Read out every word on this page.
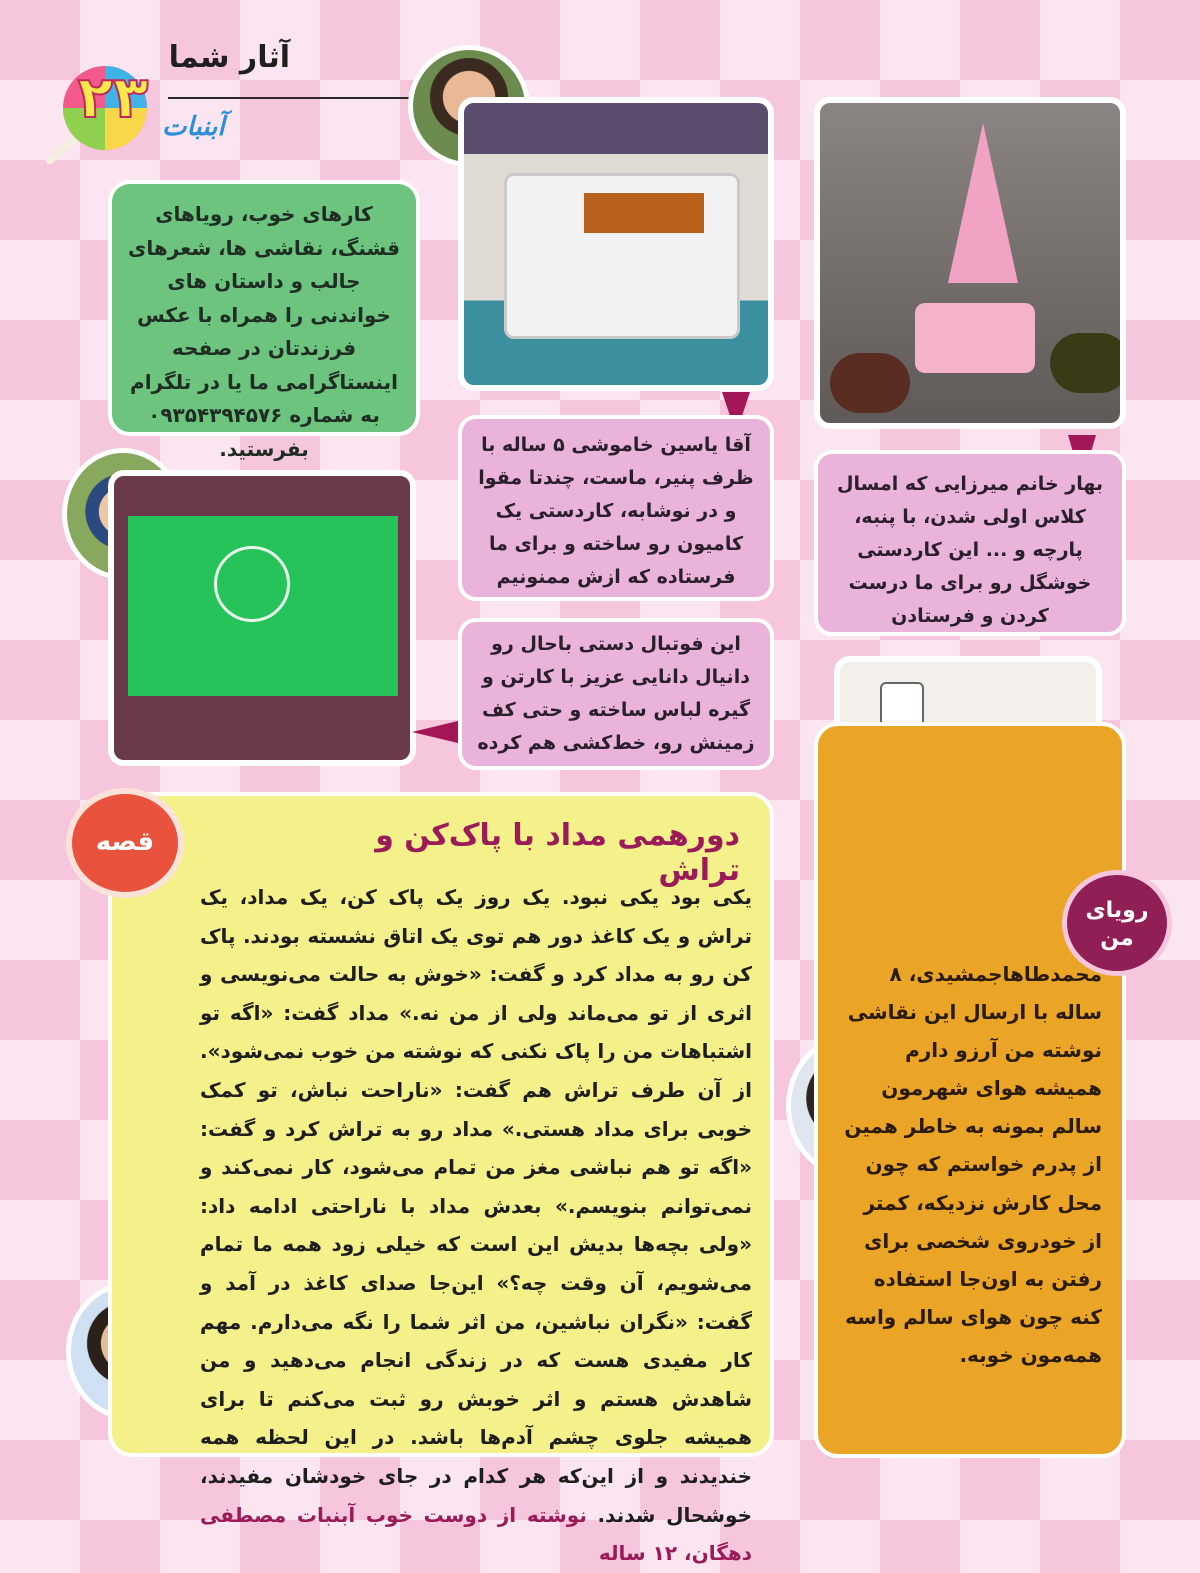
۲۳
آثار شما
آبنبات
کارهای خوب، رویاهای قشنگ، نقاشی ها، شعرهای جالب و داستان های خواندنی را همراه با عکس فرزندتان در صفحه اینستاگرامی ما یا در تلگرام به شماره ۰۹۳۵۴۳۹۴۵۷۶ بفرستید.	آقا یاسین خاموشی ۵ ساله با ظرف پنیر، ماست، چندتا مقوا و در نوشابه، کاردستی یک کامیون رو ساخته و برای ما فرستاده که ازش ممنونیم
بهار خانم میرزایی که امسال کلاس اولی شدن، با پنبه، پارچه و ... این کاردستی خوشگل رو برای ما درست کردن و فرستادن
این فوتبال دستی باحال رو دانیال دانایی عزیز با کارتن و گیره لباس ساخته و حتی کف زمینش رو، خط‌کشی هم کرده
قصه	دورهمی مداد با پاک‌کن و تراش
یکی بود یکی نبود. یک روز یک پاک کن، یک مداد، یک تراش و یک کاغذ دور هم توی یک اتاق نشسته بودند. پاک کن رو به مداد کرد و گفت: «خوش به حالت می‌نویسی و اثری از تو می‌ماند ولی از من نه.» مداد گفت: «اگه تو اشتباهات من را پاک نکنی که نوشته من خوب نمی‌شود». از آن طرف تراش هم گفت: «ناراحت نباش، تو کمک خوبی برای مداد هستی.» مداد رو به تراش کرد و گفت: «اگه تو هم نباشی مغز من تمام می‌شود، کار نمی‌کند و نمی‌توانم بنویسم.» بعدش مداد با ناراحتی ادامه داد: «ولی بچه‌ها بدیش این است که خیلی زود همه ما تمام می‌شویم، آن وقت چه؟» این‌جا صدای کاغذ در آمد و گفت: «نگران نباشین، من اثر شما را نگه می‌دارم. مهم کار مفیدی هست که در زندگی انجام می‌دهید و من شاهدش هستم و اثر خوبش رو ثبت می‌کنم تا برای همیشه جلوی چشم آدم‌ها باشد. در این لحظه همه خندیدند و از این‌که هر کدام در جای خودشان مفیدند، خوشحال شدند. نوشته از دوست خوب آبنبات مصطفی دهگان، ۱۲ ساله
رویای من
محمدطاهاجمشیدی، ۸ ساله با ارسال این نقاشی نوشته من آرزو دارم همیشه هوای شهرمون سالم بمونه به خاطر همین از پدرم خواستم که چون محل کارش نزدیکه، کمتر از خودروی شخصی برای رفتن به اون‌جا استفاده کنه چون هوای سالم واسه همه‌مون خوبه.
